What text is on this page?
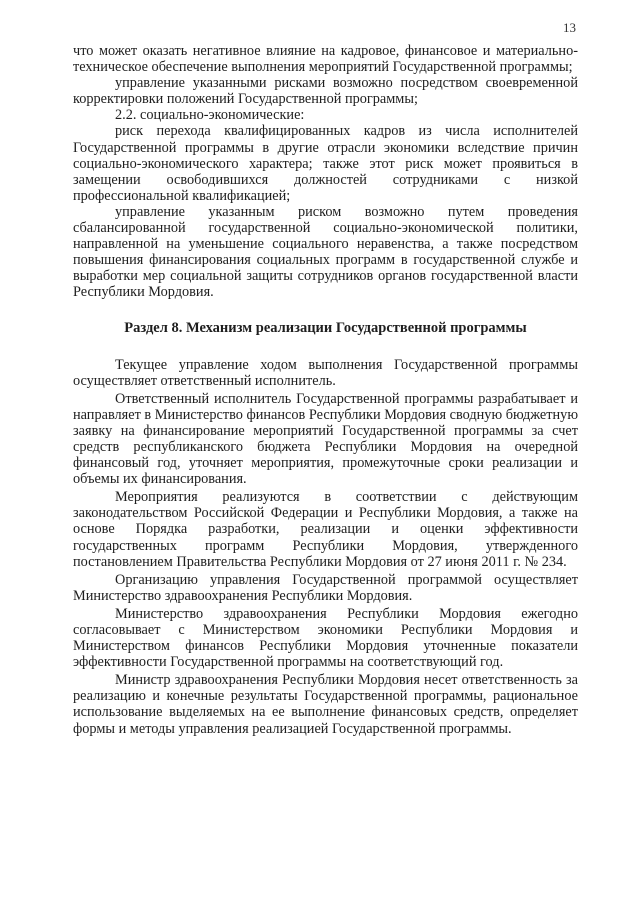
13

что может оказать негативное влияние на кадровое, финансовое и материально-техническое обеспечение выполнения мероприятий Государственной программы;

управление указанными рисками возможно посредством своевременной корректировки положений Государственной программы;

2.2. социально-экономические:

риск перехода квалифицированных кадров из числа исполнителей Государственной программы в другие отрасли экономики вследствие причин социально-экономического характера; также этот риск может проявиться в замещении освободившихся должностей сотрудниками с низкой профессиональной квалификацией;

управление указанным риском возможно путем проведения сбалансированной государственной социально-экономической политики, направленной на уменьшение социального неравенства, а также посредством повышения финансирования социальных программ в государственной службе и выработки мер социальной защиты сотрудников органов государственной власти Республики Мордовия.

Раздел 8. Механизм реализации Государственной программы

Текущее управление ходом выполнения Государственной программы осуществляет ответственный исполнитель.

Ответственный исполнитель Государственной программы разрабатывает и направляет в Министерство финансов Республики Мордовия сводную бюджетную заявку на финансирование мероприятий Государственной программы за счет средств республиканского бюджета Республики Мордовия на очередной финансовый год, уточняет мероприятия, промежуточные сроки реализации и объемы их финансирования.

Мероприятия реализуются в соответствии с действующим законодательством Российской Федерации и Республики Мордовия, а также на основе Порядка разработки, реализации и оценки эффективности государственных программ Республики Мордовия, утвержденного постановлением Правительства Республики Мордовия от 27 июня 2011 г. № 234.

Организацию управления Государственной программой осуществляет Министерство здравоохранения Республики Мордовия.

Министерство здравоохранения Республики Мордовия ежегодно согласовывает с Министерством экономики Республики Мордовия и Министерством финансов Республики Мордовия уточненные показатели эффективности Государственной программы на соответствующий год.

Министр здравоохранения Республики Мордовия несет ответственность за реализацию и конечные результаты Государственной программы, рациональное использование выделяемых на ее выполнение финансовых средств, определяет формы и методы управления реализацией Государственной программы.
